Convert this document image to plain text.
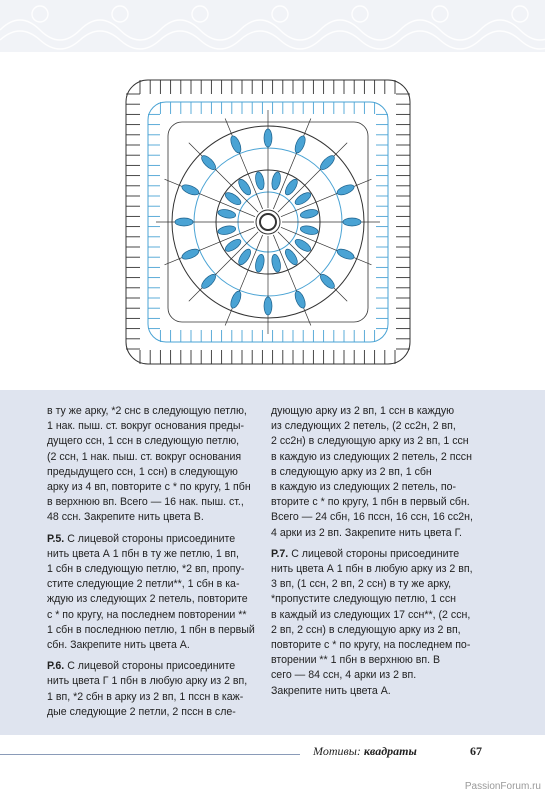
в ту же арку, *2 снс в следующую петлю,
1 нак. пыш. ст. вокруг основания преды-
дущего ссн, 1 ссн в следующую петлю,
(2 ссн, 1 нак. пыш. ст. вокруг основания
предыдущего ссн, 1 ссн) в следующую
арку из 4 вп, повторите с * по кругу, 1 пбн
в верхнюю вп. Всего — 16 нак. пыш. ст.,
48 ссн. Закрепите нить цвета В.

Р.5. С лицевой стороны присоедините
нить цвета А 1 пбн в ту же петлю, 1 вп,
1 сбн в следующую петлю, *2 вп, пропу-
стите следующие 2 петли**, 1 сбн в ка-
ждую из следующих 2 петель, повторите
с * по кругу, на последнем повторении **
1 сбн в последнюю петлю, 1 пбн в первый
сбн. Закрепите нить цвета А.

Р.6. С лицевой стороны присоедините
нить цвета Г 1 пбн в любую арку из 2 вп,
1 вп, *2 сбн в арку из 2 вп, 1 пссн в каж-
дые следующие 2 петли, 2 пссн в сле-

дующую арку из 2 вп, 1 ссн в каждую
из следующих 2 петель, (2 сс2н, 2 вп,
2 сс2н) в следующую арку из 2 вп, 1 ссн
в каждую из следующих 2 петель, 2 пссн
в следующую арку из 2 вп, 1 сбн
в каждую из следующих 2 петель, по-
вторите с * по кругу, 1 пбн в первый сбн.
Всего — 24 сбн, 16 пссн, 16 ссн, 16 сс2н,
4 арки из 2 вп. Закрепите нить цвета Г.

Р.7. С лицевой стороны присоедините
нить цвета А 1 пбн в любую арку из 2 вп,
3 вп, (1 ссн, 2 вп, 2 ссн) в ту же арку,
*пропустите следующую петлю, 1 ссн
в каждый из следующих 17 ссн**, (2 ссн,
2 вп, 2 ссн) в следующую арку из 2 вп,
повторите с * по кругу, на последнем по-
вторении ** 1 пбн в верхнюю вп. В
сего — 84 ссн, 4 арки из 2 вп.
Закрепите нить цвета А.

Мотивы: квадраты	67
PassionForum.ru
